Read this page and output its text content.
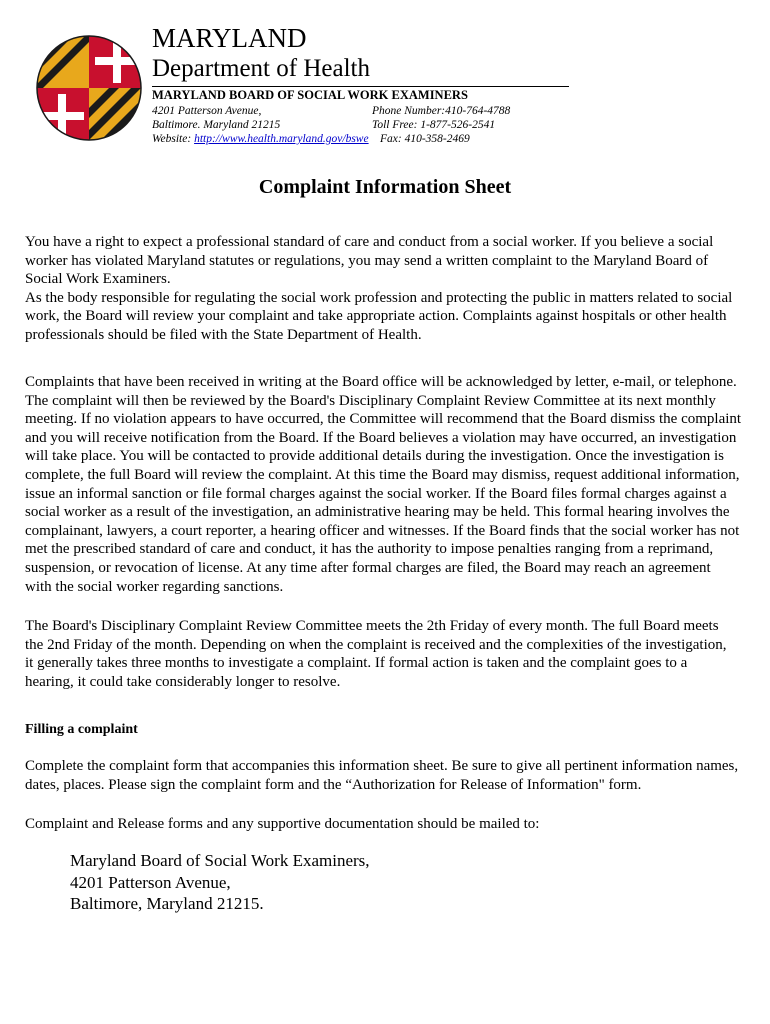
MARYLAND
Department of Health
MARYLAND BOARD OF SOCIAL WORK EXAMINERS
4201 Patterson Avenue,
Baltimore. Maryland 21215
Website: http://www.health.maryland.gov/bswe
Phone Number:410-764-4788
Toll Free: 1-877-526-2541
Fax: 410-358-2469
Complaint Information Sheet

You have a right to expect a professional standard of care and conduct from a social worker. If you believe a social
worker has violated Maryland statutes or regulations, you may send a written complaint to the Maryland Board of
Social Work Examiners.
As the body responsible for regulating the social work profession and protecting the public in matters related to social
work, the Board will review your complaint and take appropriate action. Complaints against hospitals or other health
professionals should be filed with the State Department of Health.

Complaints that have been received in writing at the Board office will be acknowledged by letter, e-mail, or telephone.
The complaint will then be reviewed by the Board's Disciplinary Complaint Review Committee at its next monthly
meeting. If no violation appears to have occurred, the Committee will recommend that the Board dismiss the complaint
and you will receive notification from the Board. If the Board believes a violation may have occurred, an investigation
will take place. You will be contacted to provide additional details during the investigation. Once the investigation is
complete, the full Board will review the complaint. At this time the Board may dismiss, request additional information,
issue an informal sanction or file formal charges against the social worker. If the Board files formal charges against a
social worker as a result of the investigation, an administrative hearing may be held. This formal hearing involves the
complainant, lawyers, a court reporter, a hearing officer and witnesses. If the Board finds that the social worker has not
met the prescribed standard of care and conduct, it has the authority to impose penalties ranging from a reprimand,
suspension, or revocation of license. At any time after formal charges are filed, the Board may reach an agreement
with the social worker regarding sanctions.

The Board's Disciplinary Complaint Review Committee meets the 2th Friday of every month. The full Board meets
the 2nd Friday of the month. Depending on when the complaint is received and the complexities of the investigation,
it generally takes three months to investigate a complaint. If formal action is taken and the complaint goes to a
hearing, it could take considerably longer to resolve.

Filling a complaint

Complete the complaint form that accompanies this information sheet. Be sure to give all pertinent information names,
dates, places. Please sign the complaint form and the “Authorization for Release of Information" form.

Complaint and Release forms and any supportive documentation should be mailed to:

Maryland Board of Social Work Examiners,
4201 Patterson Avenue,
Baltimore, Maryland 21215.
